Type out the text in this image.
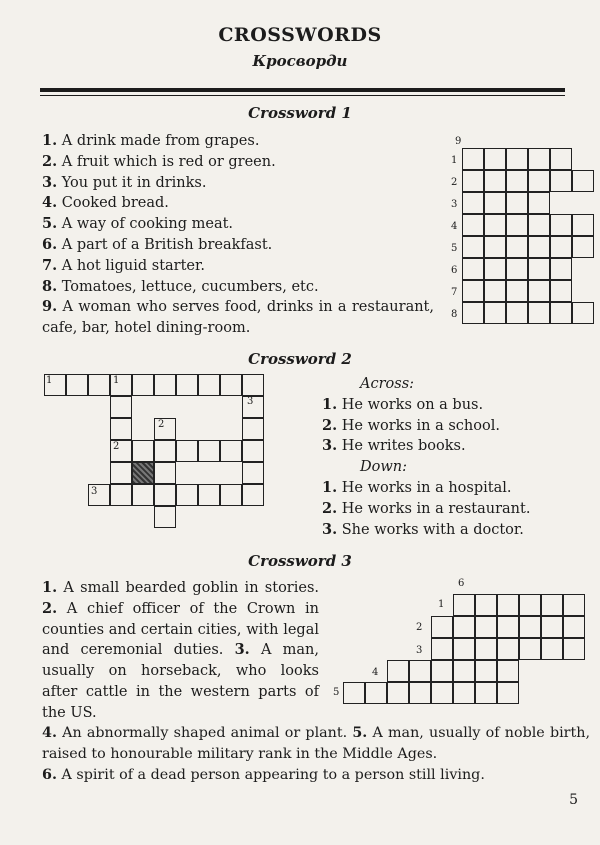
CROSSWORDS
Кросворди
Crossword 1

1. A drink made from grapes.

2. A fruit which is red or green.

3. You put it in drinks.

4. Cooked bread.

5. A way of cooking meat.

6. A part of a British breakfast.

7. A hot liguid starter.

8. Tomatoes, lettuce, cucumbers, etc.

9. A woman who serves food, drinks in a restaurant, cafe, bar, hotel dining-room.

9
1
2
3
4
5
6
7
8
Crossword 2
1	1
3
2
2
3

Across:

1. He works on a bus.

2. He works in a school.

3. He writes books.

Down:

1. He works in a hospital.

2. He works in a restaurant.

3. She works with a doctor.

Crossword 3

1. A small bearded goblin in stories. 2. A chief officer of the Crown in counties and certain cities, with legal and ceremonial duties. 3. A man, usually on horseback, who looks after cattle in the western parts of the US.

6
1
2
3
4
5

4. An abnormally shaped animal or plant. 5. A man, usually of noble birth, raised to honourable military rank in the Middle Ages.

6. A spirit of a dead person appearing to a person still living.

5
